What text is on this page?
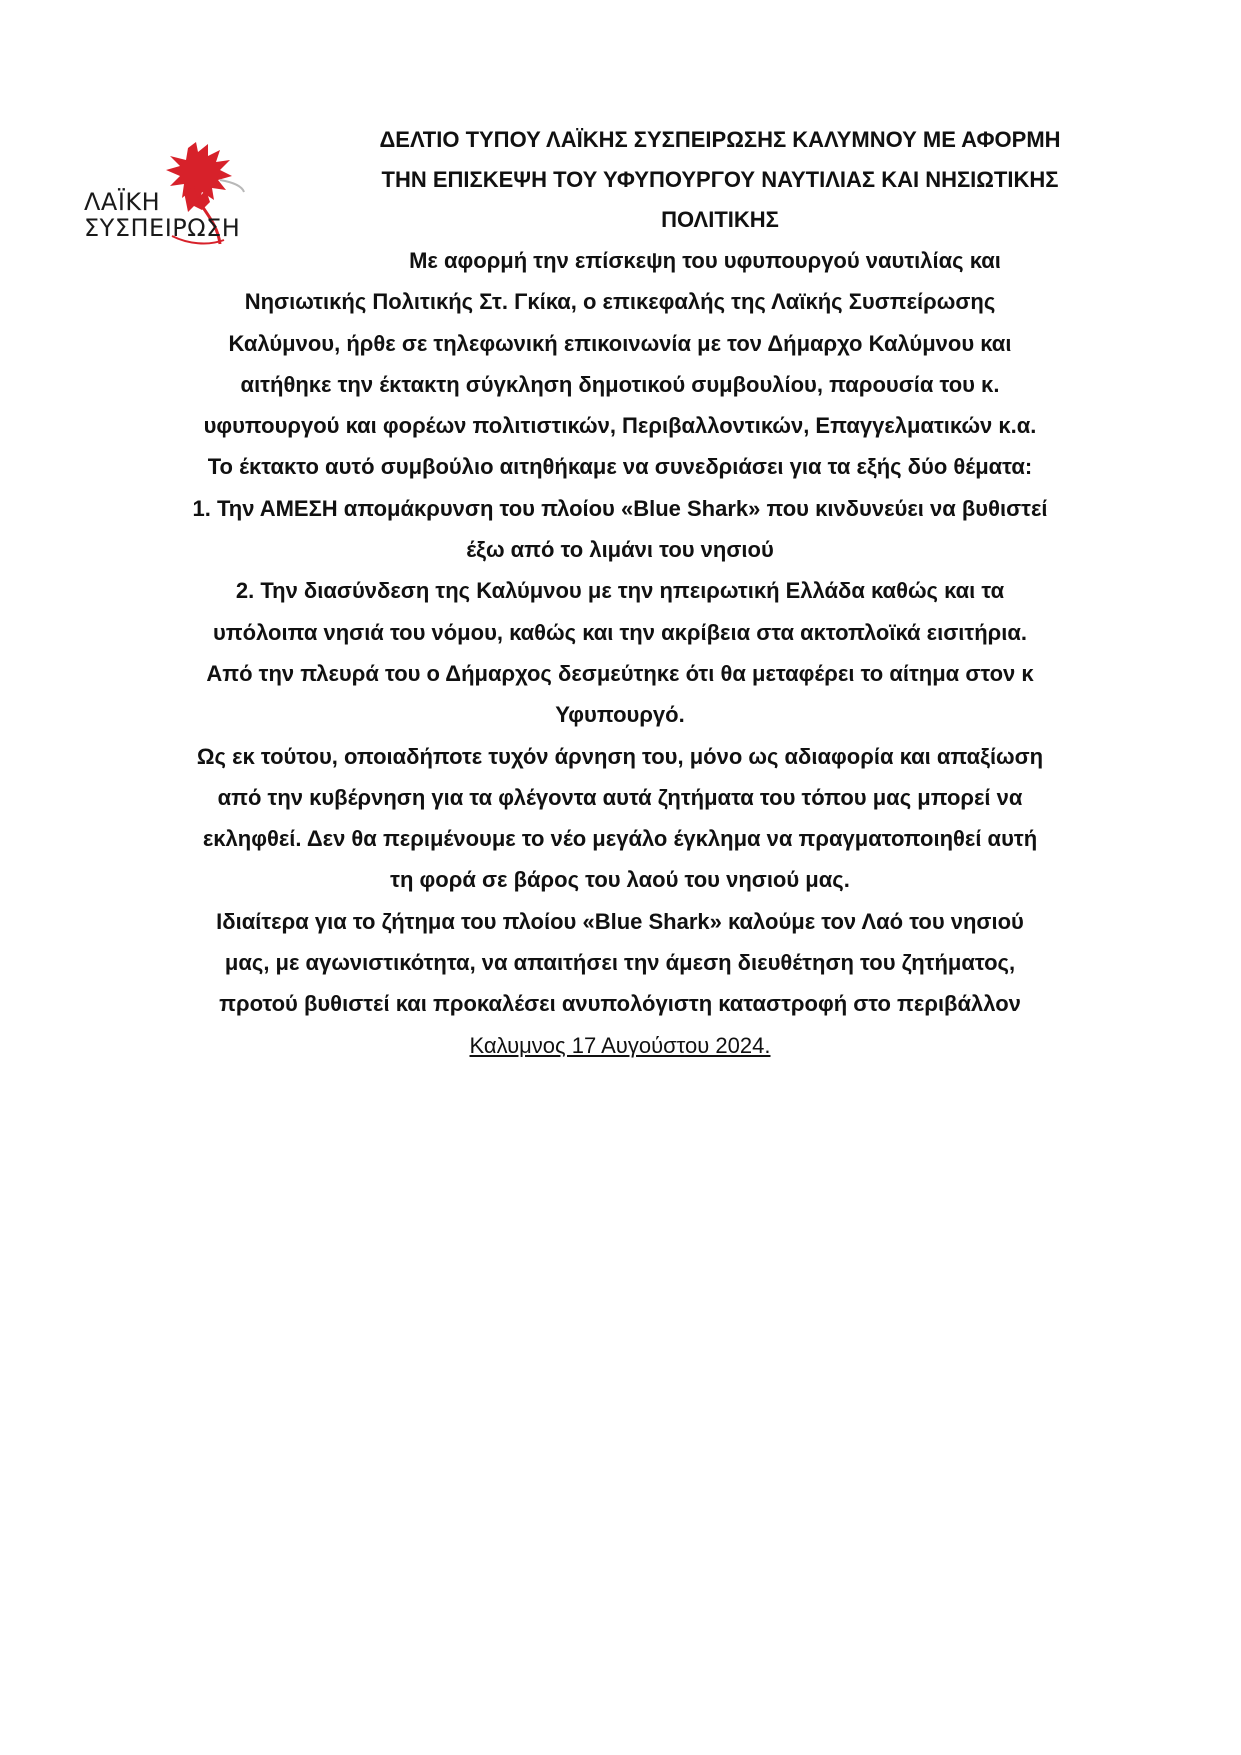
ΛΑΪΚΗ
ΣΥΣΠΕΙΡΩΣΗ
ΔΕΛΤΙΟ ΤΥΠΟΥ ΛΑΪΚΗΣ ΣΥΣΠΕΙΡΩΣΗΣ ΚΑΛΥΜΝΟΥ ΜΕ ΑΦΟΡΜΗ
ΤΗΝ ΕΠΙΣΚΕΨΗ ΤΟΥ ΥΦΥΠΟΥΡΓΟΥ ΝΑΥΤΙΛΙΑΣ ΚΑΙ ΝΗΣΙΩΤΙΚΗΣ
ΠΟΛΙΤΙΚΗΣ
Με αφορμή την επίσκεψη του υφυπουργού ναυτιλίας και
Νησιωτικής Πολιτικής Στ. Γκίκα, ο επικεφαλής της Λαϊκής Συσπείρωσης
Καλύμνου, ήρθε σε τηλεφωνική επικοινωνία με τον Δήμαρχο Καλύμνου και
αιτήθηκε την έκτακτη σύγκληση δημοτικού συμβουλίου, παρουσία του κ.
υφυπουργού και φορέων πολιτιστικών, Περιβαλλοντικών, Επαγγελματικών κ.α.
Το έκτακτο αυτό συμβούλιο αιτηθήκαμε να συνεδριάσει για τα εξής δύο θέματα:
1. Την ΑΜΕΣΗ απομάκρυνση του πλοίου «Blue Shark» που κινδυνεύει να βυθιστεί
έξω από το λιμάνι του νησιού
2. Την διασύνδεση της Καλύμνου με την ηπειρωτική Ελλάδα καθώς και τα
υπόλοιπα νησιά του νόμου, καθώς και την ακρίβεια στα ακτοπλοϊκά εισιτήρια.
Από την πλευρά του ο Δήμαρχος δεσμεύτηκε ότι θα μεταφέρει το αίτημα στον κ
Υφυπουργό.
Ως εκ τούτου, οποιαδήποτε τυχόν άρνηση του, μόνο ως αδιαφορία και απαξίωση
από την κυβέρνηση για τα φλέγοντα αυτά ζητήματα του τόπου μας μπορεί να
εκληφθεί. Δεν θα περιμένουμε το νέο μεγάλο έγκλημα να πραγματοποιηθεί αυτή
τη φορά σε βάρος του λαού του νησιού μας.
Ιδιαίτερα για το ζήτημα του πλοίου «Blue Shark» καλούμε τον Λαό του νησιού
μας, με αγωνιστικότητα, να απαιτήσει την άμεση διευθέτηση του ζητήματος,
προτού βυθιστεί και προκαλέσει ανυπολόγιστη καταστροφή στο περιβάλλον
Καλυμνος 17 Αυγούστου 2024.
